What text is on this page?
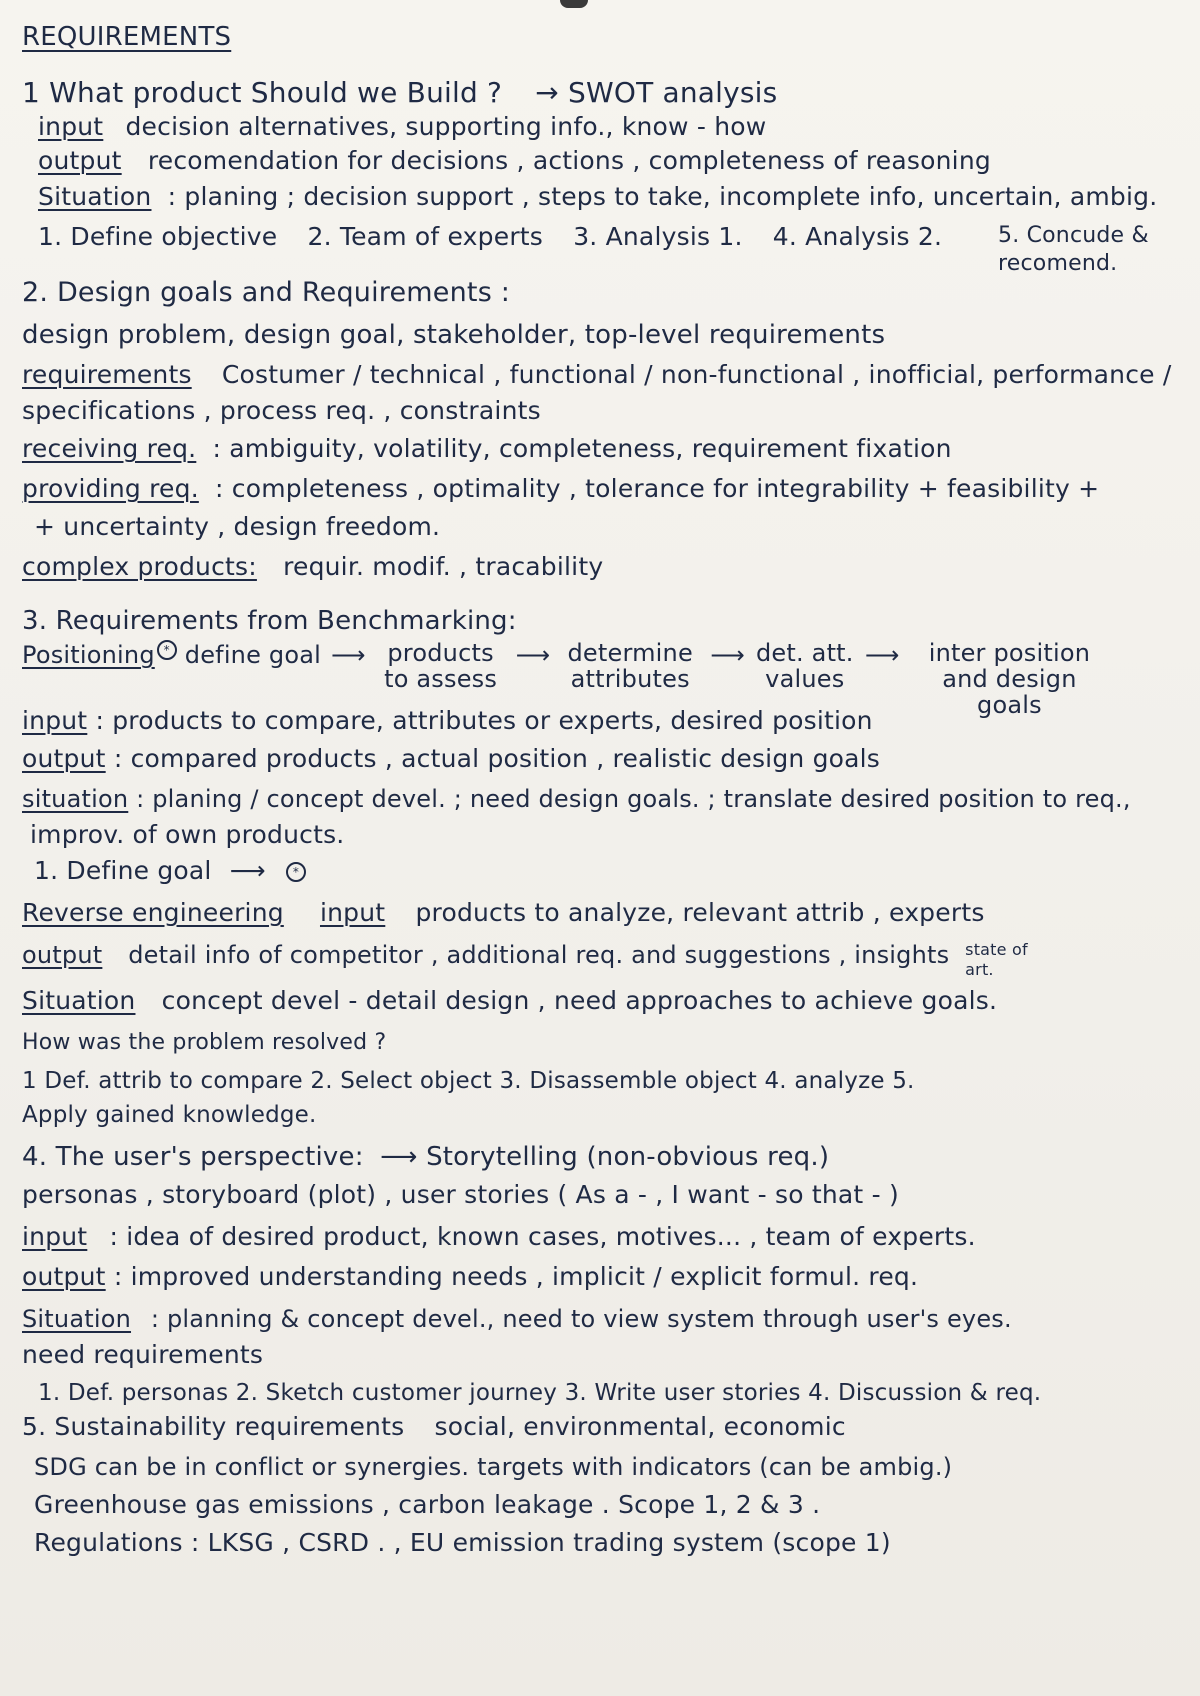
REQUIREMENTS
1 What product Should we Build ? → SWOT analysis
input decision alternatives, supporting info., know - how
output recomendation for decisions , actions , completeness of reasoning
Situation : planing ; decision support , steps to take, incomplete info, uncertain, ambig.
1. Define objective 2. Team of experts 3. Analysis 1. 4. Analysis 2.	5. Concude & recomend.
2. Design goals and Requirements :
design problem, design goal, stakeholder, top-level requirements
requirements Costumer / technical , functional / non-functional , inofficial, performance /
specifications , process req. , constraints
receiving req. : ambiguity, volatility, completeness, requirement fixation
providing req. : completeness , optimality , tolerance for integrability + feasibility +
+ uncertainty , design freedom.
complex products: requir. modif. , tracability
3. Requirements from Benchmarking:
Positioning * define goal ⟶ products to assess
⟶ determine attributes
⟶ det. att. values
⟶	inter position and design goals
input : products to compare, attributes or experts, desired position
output : compared products , actual position , realistic design goals
situation : planing / concept devel. ; need design goals. ; translate desired position to req.,
improv. of own products.
1. Define goal ⟶ *
Reverse engineering input products to analyze, relevant attrib , experts
output detail info of competitor , additional req. and suggestions , insights state of art.
Situation concept devel - detail design , need approaches to achieve goals.
How was the problem resolved ?
1 Def. attrib to compare 2. Select object 3. Disassemble object 4. analyze 5.
Apply gained knowledge.
4. The user's perspective: ⟶ Storytelling (non-obvious req.)
personas , storyboard (plot) , user stories ( As a - , I want - so that - )
input : idea of desired product, known cases, motives... , team of experts.
output : improved understanding needs , implicit / explicit formul. req.
Situation : planning & concept devel., need to view system through user's eyes.
need requirements
1. Def. personas 2. Sketch customer journey 3. Write user stories 4. Discussion & req.
5. Sustainability requirements social, environmental, economic
SDG can be in conflict or synergies. targets with indicators (can be ambig.)
Greenhouse gas emissions , carbon leakage . Scope 1, 2 & 3 .
Regulations : LKSG , CSRD . , EU emission trading system (scope 1)
